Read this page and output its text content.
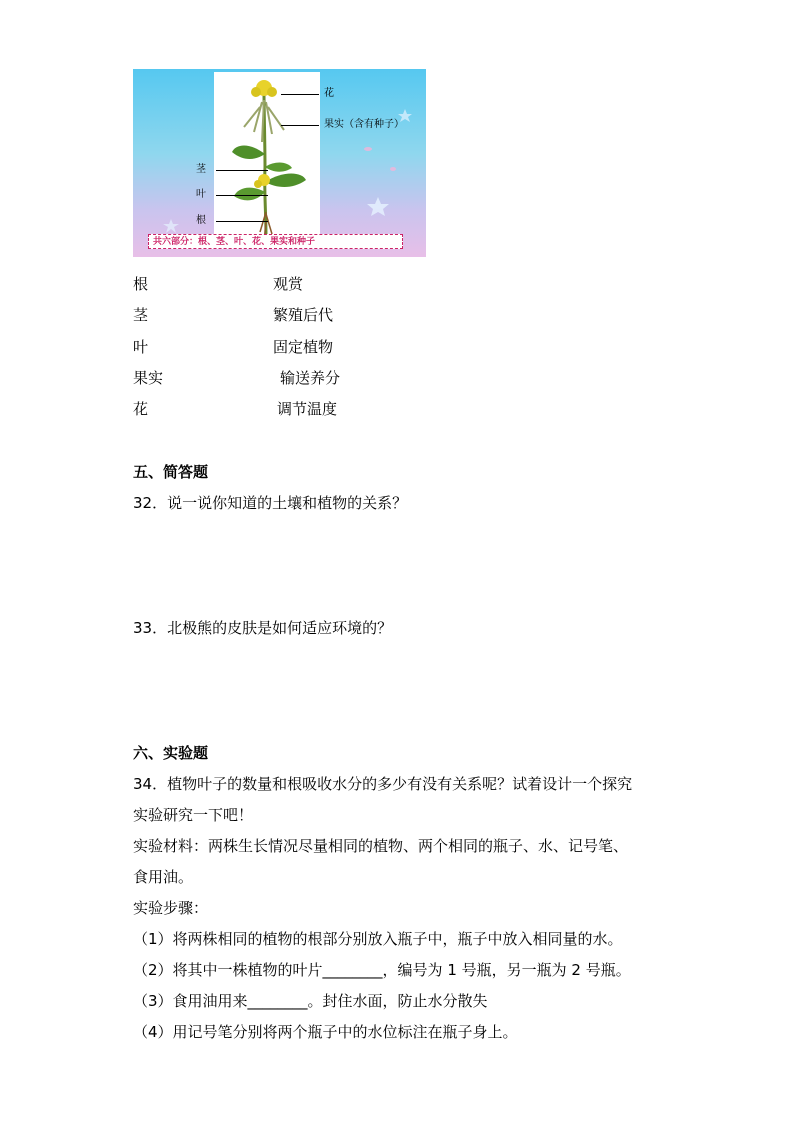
花
果实（含有种子）
茎
叶
根
共六部分：根、茎、叶、花、果实和种子
根	观赏
茎	繁殖后代
叶	固定植物
果实	输送养分
花	调节温度
五、简答题
32．说一说你知道的土壤和植物的关系？
33．北极熊的皮肤是如何适应环境的？
六、实验题
34．植物叶子的数量和根吸收水分的多少有没有关系呢？试着设计一个探究
实验研究一下吧！
实验材料：两株生长情况尽量相同的植物、两个相同的瓶子、水、记号笔、
食用油。
实验步骤：
（1）将两株相同的植物的根部分别放入瓶子中，瓶子中放入相同量的水。
（2）将其中一株植物的叶片________，编号为 1 号瓶，另一瓶为 2 号瓶。
（3）食用油用来________。封住水面，防止水分散失
（4）用记号笔分别将两个瓶子中的水位标注在瓶子身上。
